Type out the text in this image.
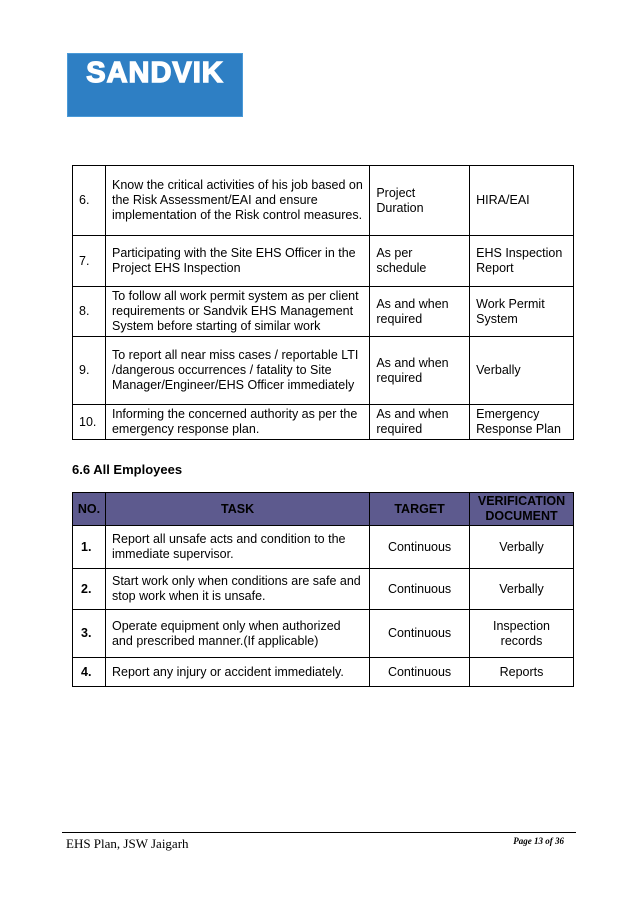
SANDVIK
6.	Know the critical activities of his job based on the Risk Assessment/EAI and ensure implementation of the Risk control measures.	Project Duration	HIRA/EAI
7.	Participating with the Site EHS Officer in the Project EHS Inspection	As per schedule	EHS Inspection Report
8.	To follow all work permit system as per client requirements or Sandvik EHS Management System before starting of similar work	As and when required	Work Permit System
9.	To report all near miss cases / reportable LTI /dangerous occurrences / fatality to Site Manager/Engineer/EHS Officer immediately	As and when required	Verbally
10.	Informing the concerned authority as per the emergency response plan.	As and when required	Emergency Response Plan
6.6 All Employees
NO.	TASK	TARGET	VERIFICATION DOCUMENT
1.	Report all unsafe acts and condition to the immediate supervisor.	Continuous	Verbally
2.	Start work only when conditions are safe and stop work when it is unsafe.	Continuous	Verbally
3.	Operate equipment only when authorized and prescribed manner.(If applicable)	Continuous	Inspection records
4.	Report any injury or accident immediately.	Continuous	Reports
EHS Plan, JSW Jaigarh	Page 13 of 36
